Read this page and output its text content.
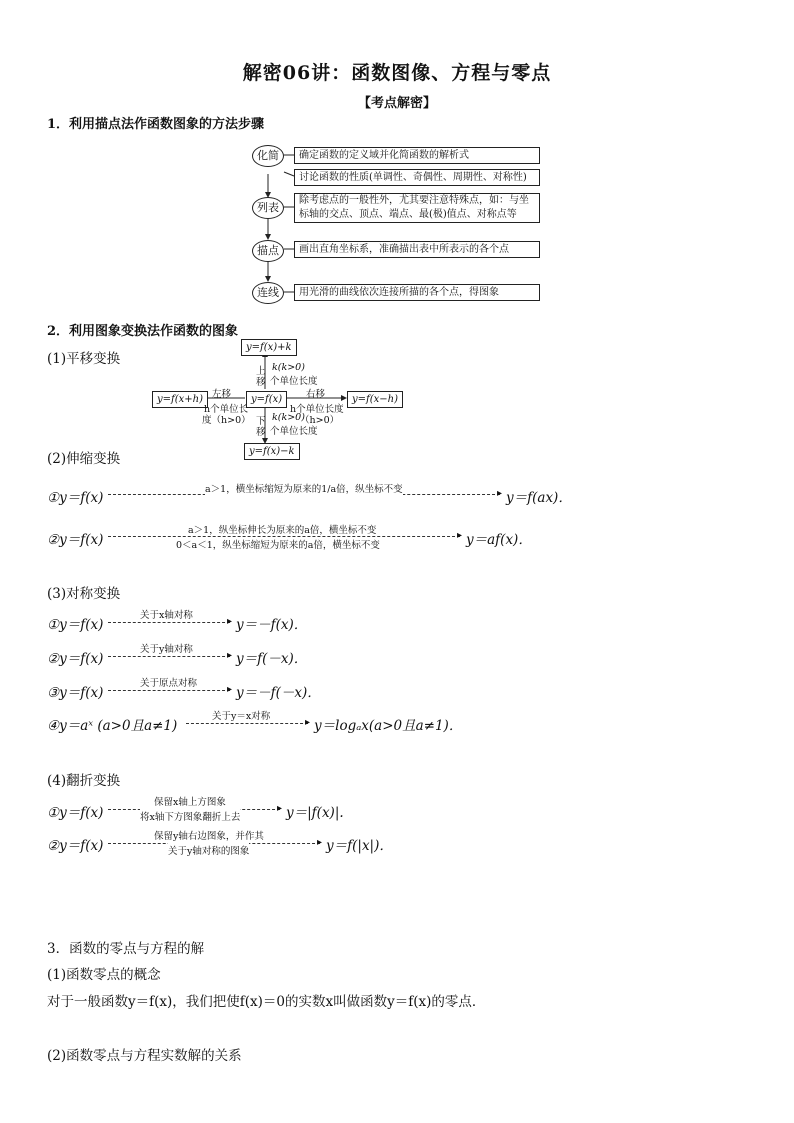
解密06讲：函数图像、方程与零点
【考点解密】
1．利用描点法作函数图象的方法步骤
化简
列表
描点
连线
确定函数的定义域并化简函数的解析式
讨论函数的性质(单调性、奇偶性、周期性、对称性)
除考虑点的一般性外，尤其要注意特殊点，如：与坐
标轴的交点、顶点、端点、最(极)值点、对称点等
画出直角坐标系，准确描出表中所表示的各个点
用光滑的曲线依次连接所描的各个点，得图象
2．利用图象变换法作函数的图象
(1)平移变换
y=f(x)+k
y=f(x)
y=f(x+h)	y=f(x−h)
y=f(x)−k
上
移
k(k>0)
个单位长度
下
移
k(k>0)
个单位长度
左移
h个单位长
度（h>0）
右移
h个单位长度
（h>0）
(2)伸缩变换
①y＝f(x)	▸
a＞1，横坐标缩短为原来的1/a倍，纵坐标不变
y＝f(ax)．
②y＝f(x)	▸
a＞1，纵坐标伸长为原来的a倍，横坐标不变
0＜a＜1，纵坐标缩短为原来的a倍，横坐标不变	y＝af(x)．
(3)对称变换
①y＝f(x)	▸
关于x轴对称
y＝－f(x)．
②y＝f(x)	▸
关于y轴对称
y＝f(－x)．
③y＝f(x)	▸
关于原点对称
y＝－f(－x)．
④y＝aˣ (a>0且a≠1)	▸
关于y＝x对称
y＝logₐx(a>0且a≠1)．
(4)翻折变换
①y＝f(x)	▸
保留x轴上方图象
将x轴下方图象翻折上去	y＝|f(x)|.
②y＝f(x)	▸
保留y轴右边图象，并作其
关于y轴对称的图象	y＝f(|x|)．
3．函数的零点与方程的解
(1)函数零点的概念
对于一般函数y＝f(x)，我们把使f(x)＝0的实数x叫做函数y＝f(x)的零点．
(2)函数零点与方程实数解的关系
